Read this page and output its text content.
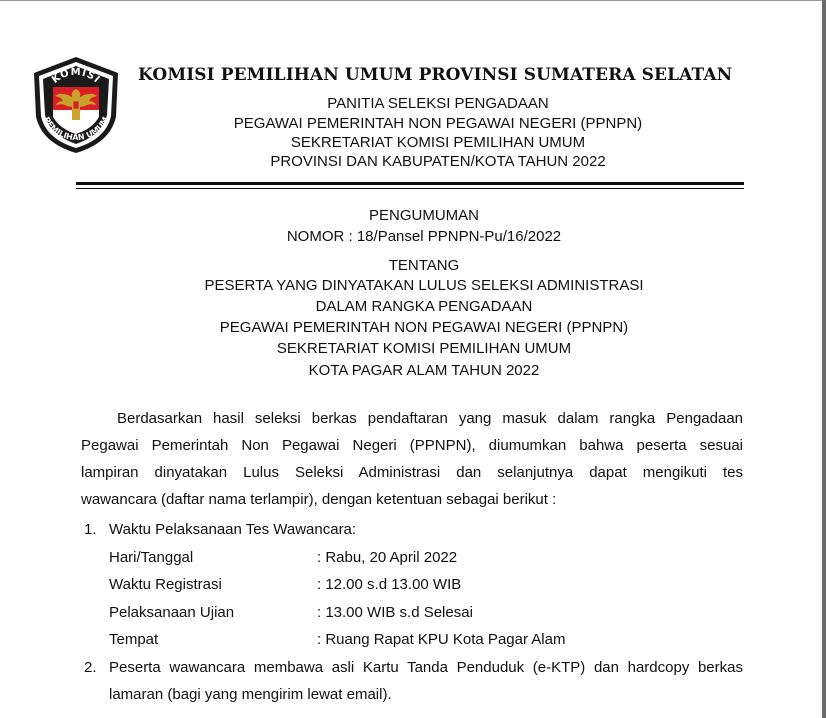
KOMISI
PEMILIHAN UMUM
KOMISI PEMILIHAN UMUM PROVINSI SUMATERA SELATAN
PANITIA SELEKSI PENGADAAN
PEGAWAI PEMERINTAH NON PEGAWAI NEGERI (PPNPN)
SEKRETARIAT KOMISI PEMILIHAN UMUM
PROVINSI DAN KABUPATEN/KOTA TAHUN 2022
PENGUMUMAN
NOMOR : 18/Pansel PPNPN-Pu/16/2022
TENTANG
PESERTA YANG DINYATAKAN LULUS SELEKSI ADMINISTRASI
DALAM RANGKA PENGADAAN
PEGAWAI PEMERINTAH NON PEGAWAI NEGERI (PPNPN)
SEKRETARIAT KOMISI PEMILIHAN UMUM
KOTA PAGAR ALAM TAHUN 2022
Berdasarkan hasil seleksi berkas pendaftaran yang masuk dalam rangka Pengadaan
Pegawai Pemerintah Non Pegawai Negeri (PPNPN), diumumkan bahwa peserta sesuai
lampiran dinyatakan Lulus Seleksi Administrasi dan selanjutnya dapat mengikuti tes
wawancara (daftar nama terlampir), dengan ketentuan sebagai berikut :
1. Waktu Pelaksanaan Tes Wawancara:
Hari/Tanggal	: Rabu, 20 April 2022
Waktu Registrasi	: 12.00 s.d 13.00 WIB
Pelaksanaan Ujian	: 13.00 WIB s.d Selesai
Tempat	: Ruang Rapat KPU Kota Pagar Alam
2. Peserta wawancara membawa asli Kartu Tanda Penduduk (e-KTP) dan hardcopy berkas
lamaran (bagi yang mengirim lewat email).
